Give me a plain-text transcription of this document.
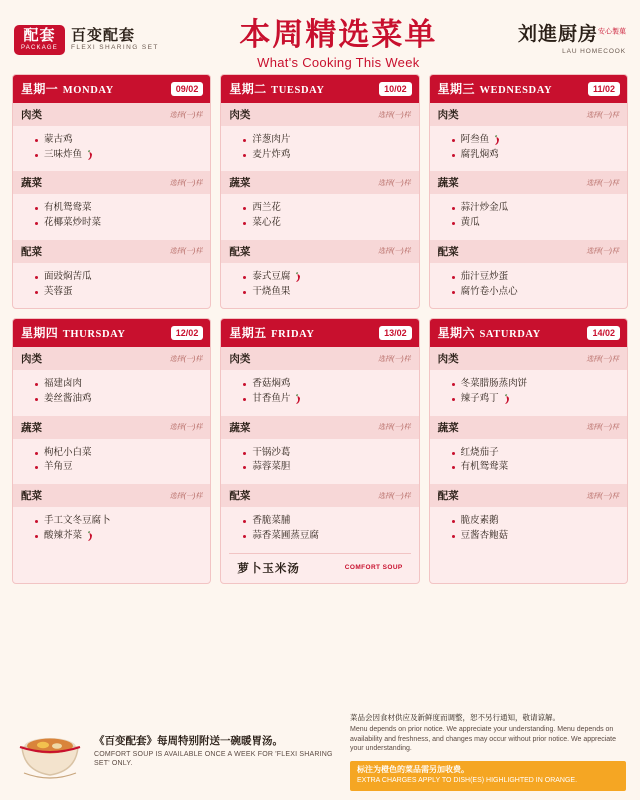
配套
PACKAGE
百变配套
FLEXI SHARING SET	本周精选菜单
What's Cooking This Week
刘進厨房$^{安心製菓}$
LAU HOMECOOK
星期一 MONDAY	09/02
肉类	选择(一)样
蒙古鸡
三味炸鱼
蔬菜	选择(一)样
有机鸳鸯菜
花椰菜炒时菜
配菜	选择(一)样
面豉焖苦瓜
芙蓉蛋
星期二 TUESDAY	10/02
肉类	选择(一)样
洋葱肉片
麦片炸鸡
蔬菜	选择(一)样
西兰花
菜心花
配菜	选择(一)样
泰式豆腐
干烧鱼果
星期三 WEDNESDAY	11/02
肉类	选择(一)样
阿叁鱼
腐乳焖鸡
蔬菜	选择(一)样
蒜汁炒金瓜
黄瓜
配菜	选择(一)样
茄汁豆炒蛋
腐竹卷小点心
星期四 THURSDAY	12/02
肉类	选择(一)样
福建卤肉
姜丝酱油鸡
蔬菜	选择(一)样
枸杞小白菜
羊角豆
配菜	选择(一)样
手工文冬豆腐卜
酸辣芥菜
星期五 FRIDAY	13/02
肉类	选择(一)样
香菇焖鸡
甘香鱼片
蔬菜	选择(一)样
干锅沙葛
蒜蓉菜胆
配菜	选择(一)样
香脆菜脯
蒜香菜圃蒸豆腐
萝卜玉米汤	COMFORT SOUP
星期六 SATURDAY	14/02
肉类	选择(一)样
冬菜腊肠蒸肉饼
辣子鸡丁
蔬菜	选择(一)样
红烧茄子
有机鸳鸯菜
配菜	选择(一)样
脆皮素鹅
豆酱杏鲍菇
《百变配套》每周特别附送一碗暖胃汤。
COMFORT SOUP IS AVAILABLE ONCE A WEEK FOR 'FLEXI SHARING SET' ONLY.
菜品会因食材供应及新鲜度而调整，恕不另行通知，敬请谅解。
Menu depends on prior notice. We appreciate your understanding. Menu depends on availability and freshness, and changes may occur without prior notice. We appreciate your understanding.
标注为橙色的菜品需另加收费。
EXTRA CHARGES APPLY TO DISH(ES) HIGHLIGHTED IN ORANGE.
